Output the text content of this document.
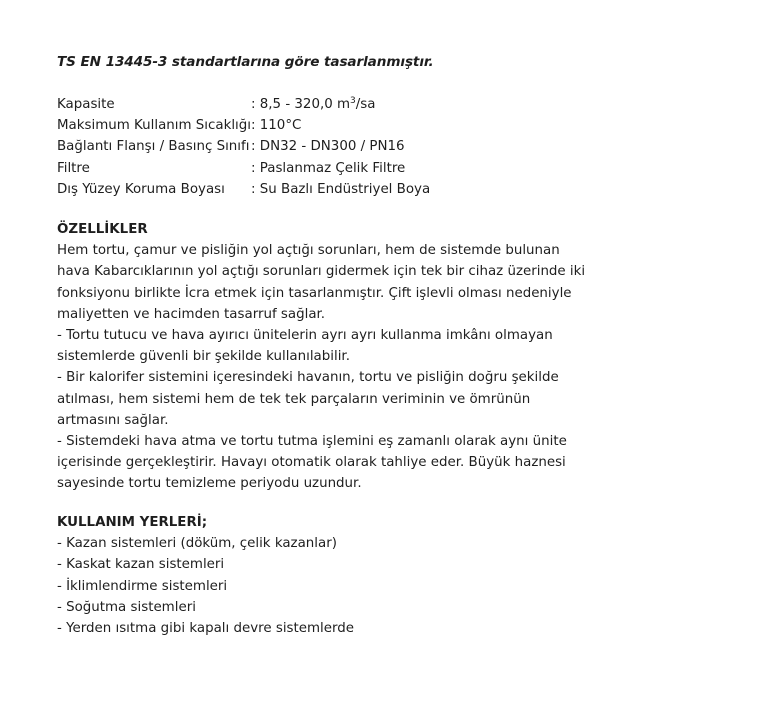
TS EN 13445-3 standartlarına göre tasarlanmıştır.
Kapasite	: 8,5 - 320,0 $m^3/sa$
Maksimum Kullanım Sıcaklığı: 110°C
Bağlantı Flanşı / Basınç Sınıfı : DN32 - DN300 / PN16
Filtre	: Paslanmaz Çelik Filtre
Dış Yüzey Koruma Boyası : Su Bazlı Endüstriyel Boya
ÖZELLİKLER

Hem tortu, çamur ve pisliğin yol açtığı sorunları, hem de sistemde bulunan

hava Kabarcıklarının yol açtığı sorunları gidermek için tek bir cihaz üzerinde iki

fonksiyonu birlikte İcra etmek için tasarlanmıştır. Çift işlevli olması nedeniyle

maliyetten ve hacimden tasarruf sağlar.

- Tortu tutucu ve hava ayırıcı ünitelerin ayrı ayrı kullanma imkânı olmayan

sistemlerde güvenli bir şekilde kullanılabilir.

- Bir kalorifer sistemini içeresindeki havanın, tortu ve pisliğin doğru şekilde

atılması, hem sistemi hem de tek tek parçaların veriminin ve ömrünün

artmasını sağlar.

- Sistemdeki hava atma ve tortu tutma işlemini eş zamanlı olarak aynı ünite

içerisinde gerçekleştirir. Havayı otomatik olarak tahliye eder. Büyük haznesi

sayesinde tortu temizleme periyodu uzundur.

KULLANIM YERLERİ;

- Kazan sistemleri (döküm, çelik kazanlar)

- Kaskat kazan sistemleri

- İklimlendirme sistemleri

- Soğutma sistemleri

- Yerden ısıtma gibi kapalı devre sistemlerde
